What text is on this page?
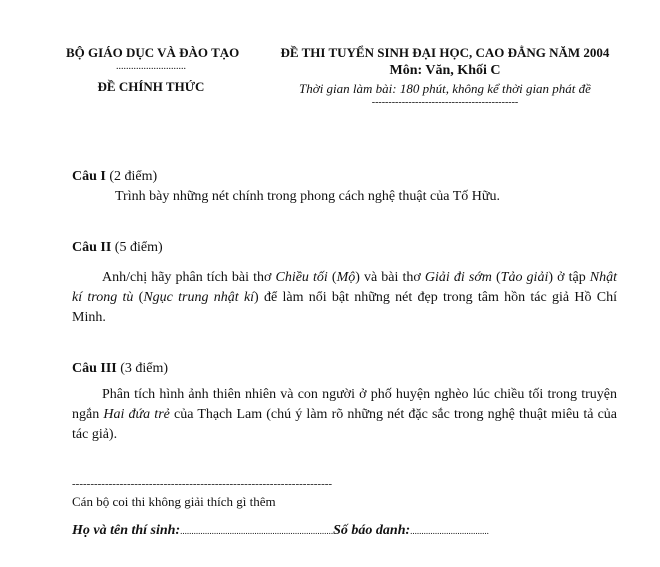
BỘ GIÁO DỤC VÀ ĐÀO TẠO
............................
ĐỀ CHÍNH THỨC
ĐỀ THI TUYỂN SINH ĐẠI HỌC, CAO ĐẲNG NĂM 2004
Môn: Văn, Khối C
Thời gian làm bài: 180 phút, không kể thời gian phát đề
--------------------------------------------
Câu I (2 điểm)
Trình bày những nét chính trong phong cách nghệ thuật của Tố Hữu.
Câu II (5 điểm)
Anh/chị hãy phân tích bài thơ Chiều tối (Mộ) và bài thơ Giải đi sớm (Tảo giải) ở tập Nhật kí trong tù (Ngục trung nhật kí) để làm nổi bật những nét đẹp trong tâm hồn tác giả Hồ Chí Minh.
Câu III (3 điểm)
Phân tích hình ảnh thiên nhiên và con người ở phố huyện nghèo lúc chiều tối trong truyện ngắn Hai đứa trẻ của Thạch Lam (chú ý làm rõ những nét đặc sắc trong nghệ thuật miêu tả của tác giả).
-----------------------------------------------------------------------
Cán bộ coi thi không giải thích gì thêm
Họ và tên thí sinh:....................................................................Số báo danh:...................................
